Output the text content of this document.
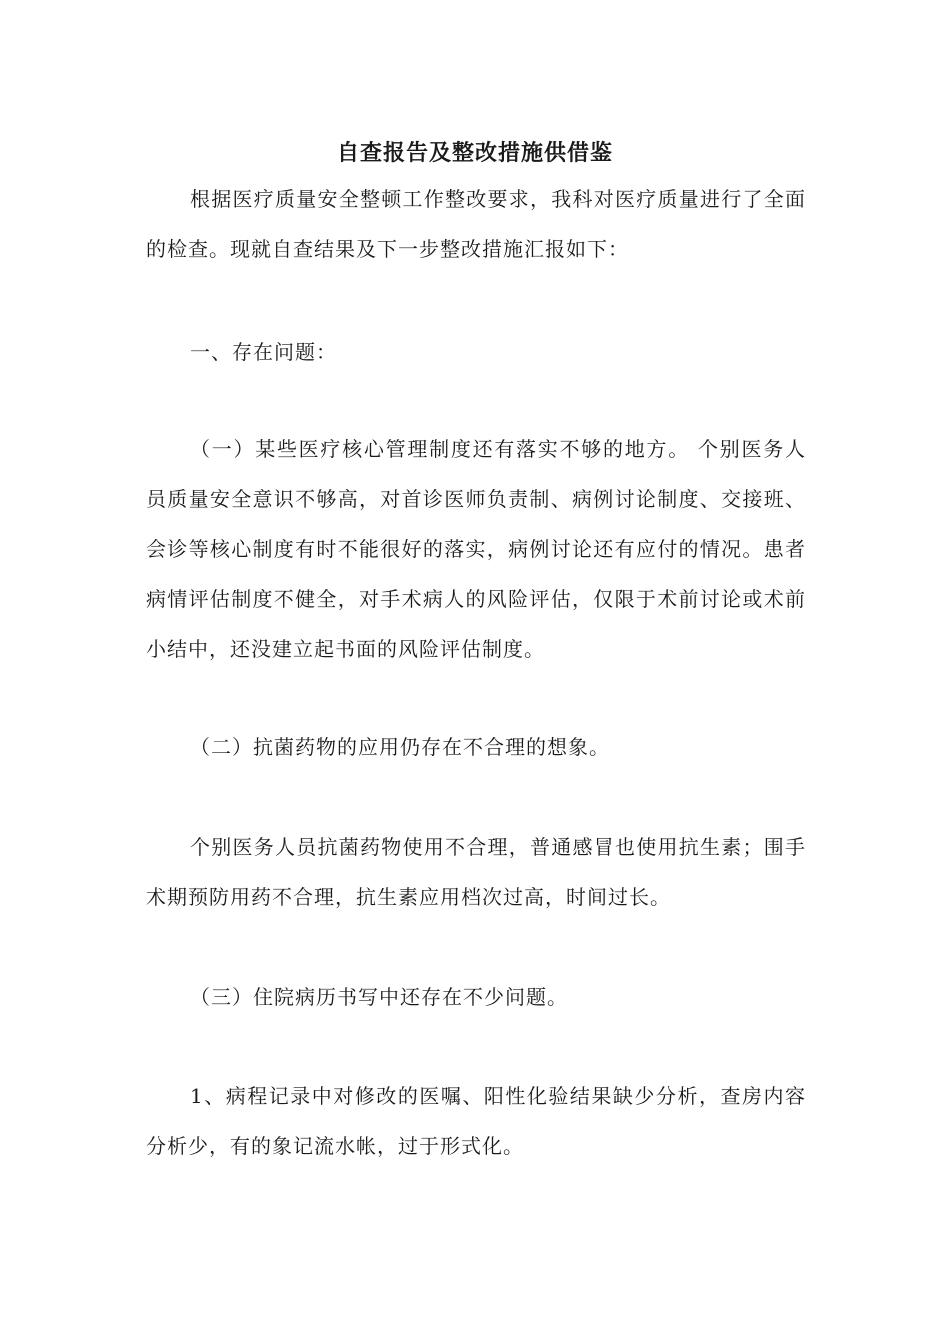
自查报告及整改措施供借鉴

根据医疗质量安全整顿工作整改要求，我科对医疗质量进行了全面的检查。现就自查结果及下一步整改措施汇报如下：

一、存在问题：

（一）某些医疗核心管理制度还有落实不够的地方。 个别医务人员质量安全意识不够高，对首诊医师负责制、病例讨论制度、交接班、会诊等核心制度有时不能很好的落实，病例讨论还有应付的情况。患者病情评估制度不健全，对手术病人的风险评估，仅限于术前讨论或术前小结中，还没建立起书面的风险评估制度。

（二）抗菌药物的应用仍存在不合理的想象。

个别医务人员抗菌药物使用不合理，普通感冒也使用抗生素；围手术期预防用药不合理，抗生素应用档次过高，时间过长。

（三）住院病历书写中还存在不少问题。

1、病程记录中对修改的医嘱、阳性化验结果缺少分析，查房内容分析少，有的象记流水帐，过于形式化。
